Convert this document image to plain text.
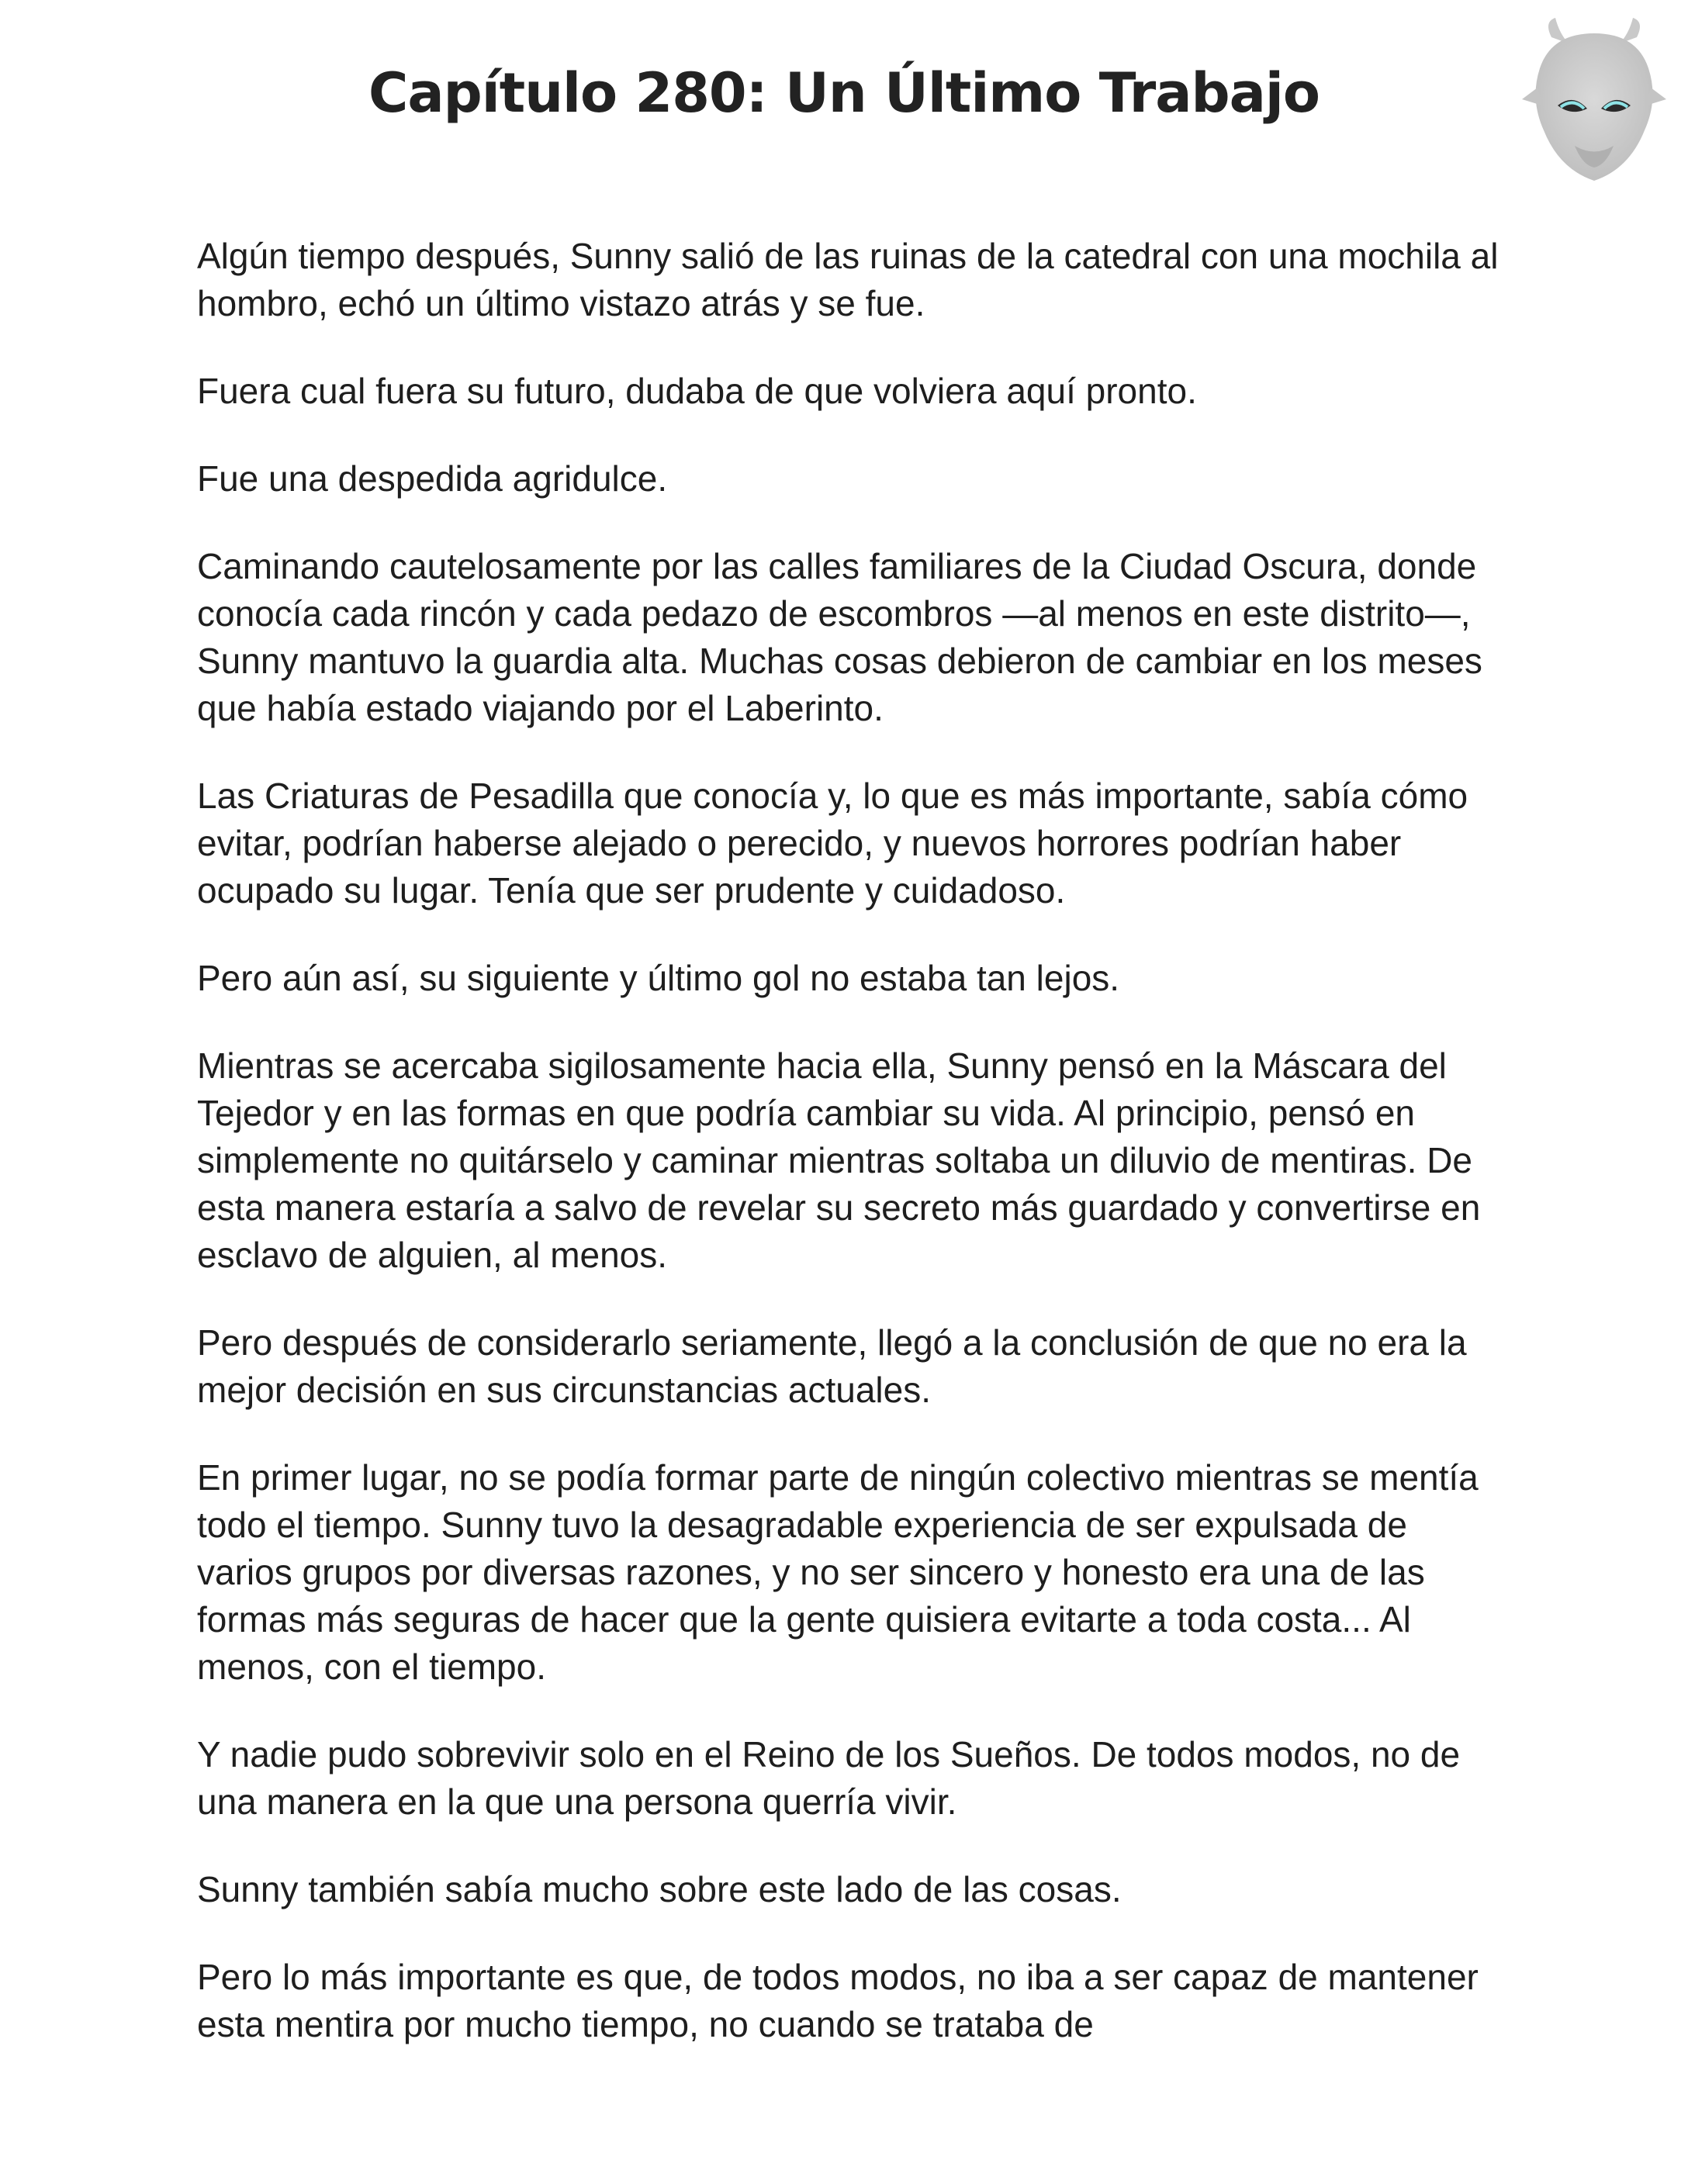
Capítulo 280: Un Último Trabajo

Algún tiempo después, Sunny salió de las ruinas de la catedral con una mochila al hombro, echó un último vistazo atrás y se fue.

Fuera cual fuera su futuro, dudaba de que volviera aquí pronto.

Fue una despedida agridulce.

Caminando cautelosamente por las calles familiares de la Ciudad Oscura, donde conocía cada rincón y cada pedazo de escombros —al menos en este distrito—, Sunny mantuvo la guardia alta. Muchas cosas debieron de cambiar en los meses que había estado viajando por el Laberinto.

Las Criaturas de Pesadilla que conocía y, lo que es más importante, sabía cómo evitar, podrían haberse alejado o perecido, y nuevos horrores podrían haber ocupado su lugar. Tenía que ser prudente y cuidadoso.

Pero aún así, su siguiente y último gol no estaba tan lejos.

Mientras se acercaba sigilosamente hacia ella, Sunny pensó en la Máscara del Tejedor y en las formas en que podría cambiar su vida. Al principio, pensó en simplemente no quitárselo y caminar mientras soltaba un diluvio de mentiras. De esta manera estaría a salvo de revelar su secreto más guardado y convertirse en esclavo de alguien, al menos.

Pero después de considerarlo seriamente, llegó a la conclusión de que no era la mejor decisión en sus circunstancias actuales.

En primer lugar, no se podía formar parte de ningún colectivo mientras se mentía todo el tiempo. Sunny tuvo la desagradable experiencia de ser expulsada de varios grupos por diversas razones, y no ser sincero y honesto era una de las formas más seguras de hacer que la gente quisiera evitarte a toda costa... Al menos, con el tiempo.

Y nadie pudo sobrevivir solo en el Reino de los Sueños. De todos modos, no de una manera en la que una persona querría vivir.

Sunny también sabía mucho sobre este lado de las cosas.

Pero lo más importante es que, de todos modos, no iba a ser capaz de mantener esta mentira por mucho tiempo, no cuando se trataba de
